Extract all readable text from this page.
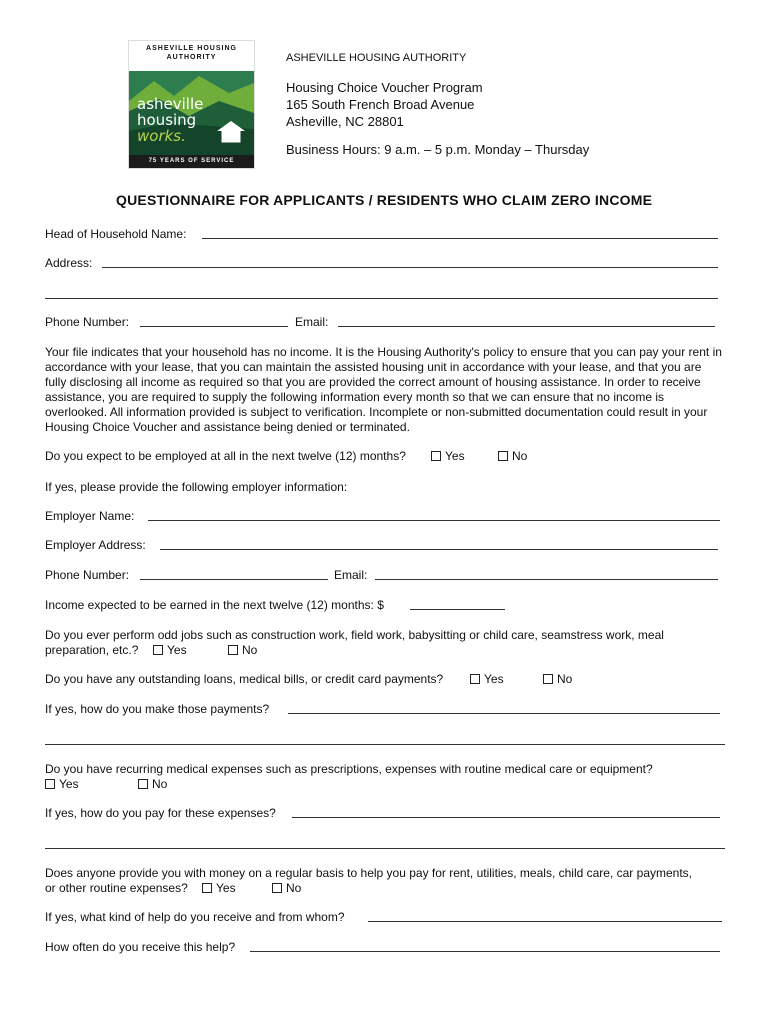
ASHEVILLE HOUSING AUTHORITY
asheville
housing
works.
75 YEARS OF SERVICE
ASHEVILLE HOUSING AUTHORITY
Housing Choice Voucher Program
165 South French Broad Avenue
Asheville, NC 28801
Business Hours: 9 a.m. – 5 p.m. Monday – Thursday
QUESTIONNAIRE FOR APPLICANTS / RESIDENTS WHO CLAIM ZERO INCOME
Head of Household Name:
Address:
Phone Number:	Email:
Your file indicates that your household has no income. It is the Housing Authority's policy to ensure that you can pay your rent in accordance with your lease, that you can maintain the assisted housing unit in accordance with your lease, and that you are fully disclosing all income as required so that you are provided the correct amount of housing assistance. In order to receive assistance, you are required to supply the following information every month so that we can ensure that no income is overlooked. All information provided is subject to verification. Incomplete or non-submitted documentation could result in your Housing Choice Voucher and assistance being denied or terminated.
Do you expect to be employed at all in the next twelve (12) months?	Yes	No
If yes, please provide the following employer information:
Employer Name:
Employer Address:
Phone Number:	Email:
Income expected to be earned in the next twelve (12) months: $
Do you ever perform odd jobs such as construction work, field work, babysitting or child care, seamstress work, meal
preparation, etc.?	Yes	No
Do you have any outstanding loans, medical bills, or credit card payments?	Yes	No
If yes, how do you make those payments?
Do you have recurring medical expenses such as prescriptions, expenses with routine medical care or equipment?
Yes	No
If yes, how do you pay for these expenses?
Does anyone provide you with money on a regular basis to help you pay for rent, utilities, meals, child care, car payments,
or other routine expenses?	Yes	No
If yes, what kind of help do you receive and from whom?
How often do you receive this help?
